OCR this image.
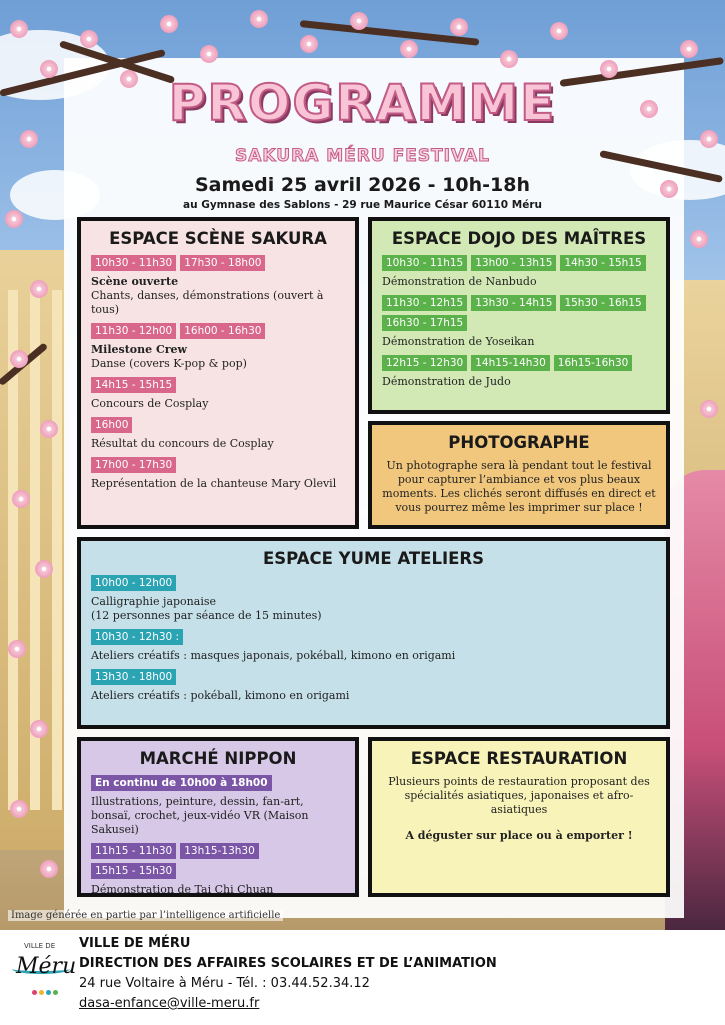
PROGRAMME
SAKURA MÉRU FESTIVAL
Samedi 25 avril 2026 - 10h-18h
au Gymnase des Sablons - 29 rue Maurice César 60110 Méru
ESPACE SCÈNE SAKURA
10h30 - 11h30	17h30 - 18h00
Scène ouverte
Chants, danses, démonstrations (ouvert à tous)
11h30 - 12h00	16h00 - 16h30
Milestone Crew
Danse (covers K-pop & pop)
14h15 - 15h15
Concours de Cosplay
16h00
Résultat du concours de Cosplay
17h00 - 17h30
Représentation de la chanteuse Mary Olevil
ESPACE DOJO DES MAÎTRES
10h30 - 11h15	13h00 - 13h15	14h30 - 15h15
Démonstration de Nanbudo
11h30 - 12h15	13h30 - 14h15	15h30 - 16h15
16h30 - 17h15
Démonstration de Yoseikan
12h15 - 12h30	14h15-14h30	16h15-16h30
Démonstration de Judo
PHOTOGRAPHE
Un photographe sera là pendant tout le festival pour capturer l’ambiance et vos plus beaux moments. Les clichés seront diffusés en direct et vous pourrez même les imprimer sur place !
ESPACE YUME ATELIERS
10h00 - 12h00
Calligraphie japonaise
(12 personnes par séance de 15 minutes)
10h30 - 12h30 :
Ateliers créatifs : masques japonais, pokéball, kimono en origami
13h30 - 18h00
Ateliers créatifs : pokéball, kimono en origami
MARCHÉ NIPPON
En continu de 10h00 à 18h00
Illustrations, peinture, dessin, fan-art, bonsaï, crochet, jeux-vidéo VR (Maison Sakusei)
11h15 - 11h30	13h15-13h30
15h15 - 15h30
Démonstration de Tai Chi Chuan
ESPACE RESTAURATION
Plusieurs points de restauration proposant des spécialités asiatiques, japonaises et afro-asiatiques
A déguster sur place ou à emporter !
Image générée en partie par l’intelligence artificielle
VILLE DE
Méru
VILLE DE MÉRU
DIRECTION DES AFFAIRES SCOLAIRES ET DE L’ANIMATION
24 rue Voltaire à Méru - Tél. : 03.44.52.34.12
dasa-enfance@ville-meru.fr
